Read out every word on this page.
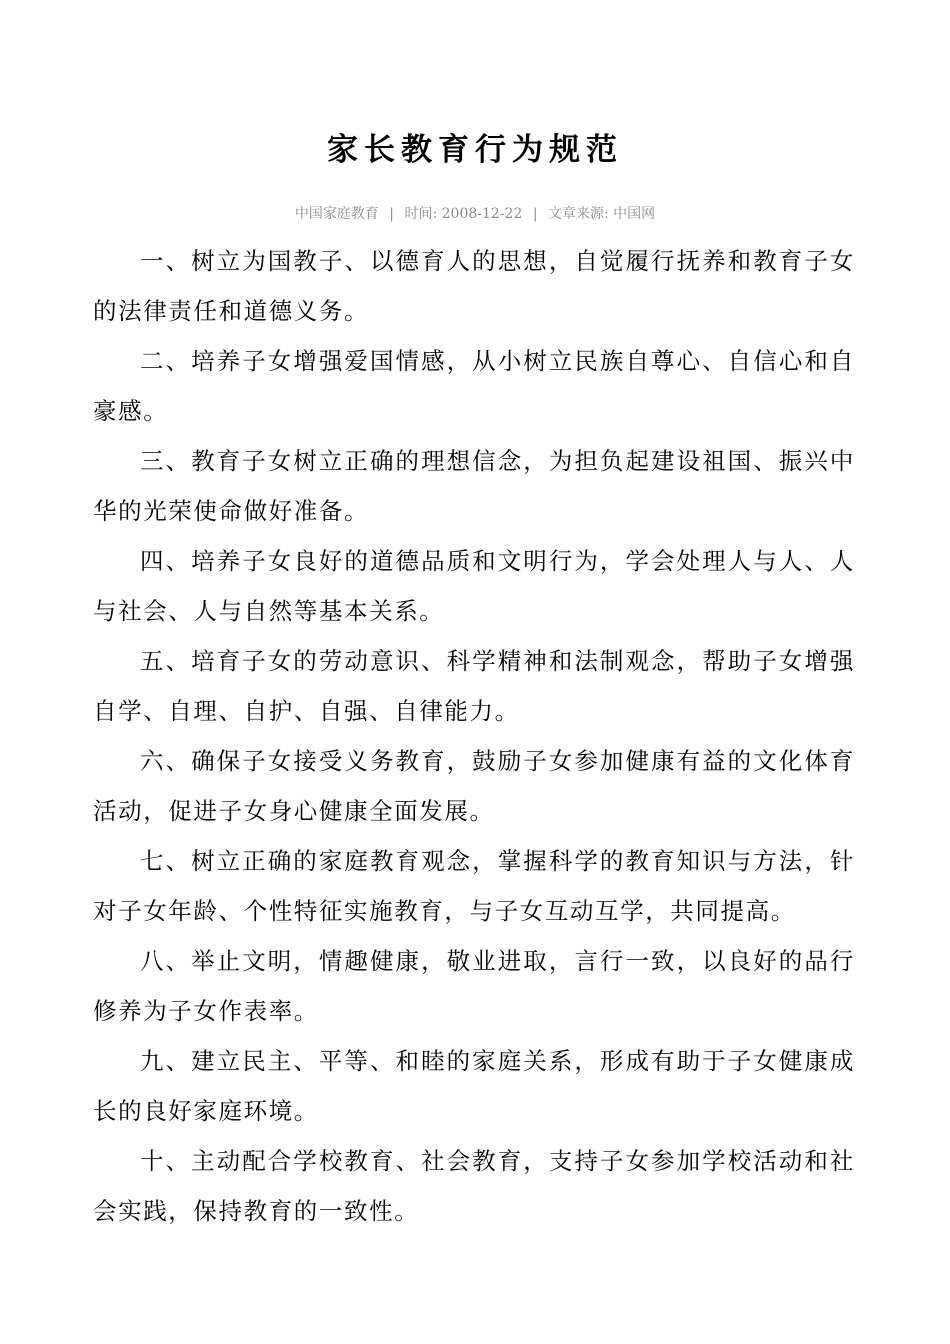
家长教育行为规范
中国家庭教育 | 时间: 2008-12-22 | 文章来源: 中国网

一、树立为国教子、以德育人的思想，自觉履行抚养和教育子女的法律责任和道德义务。

二、培养子女增强爱国情感，从小树立民族自尊心、自信心和自豪感。

三、教育子女树立正确的理想信念，为担负起建设祖国、振兴中华的光荣使命做好准备。

四、培养子女良好的道德品质和文明行为，学会处理人与人、人与社会、人与自然等基本关系。

五、培育子女的劳动意识、科学精神和法制观念，帮助子女增强自学、自理、自护、自强、自律能力。

六、确保子女接受义务教育，鼓励子女参加健康有益的文化体育活动，促进子女身心健康全面发展。

七、树立正确的家庭教育观念，掌握科学的教育知识与方法，针对子女年龄、个性特征实施教育，与子女互动互学，共同提高。

八、举止文明，情趣健康，敬业进取，言行一致，以良好的品行修养为子女作表率。

九、建立民主、平等、和睦的家庭关系，形成有助于子女健康成长的良好家庭环境。

十、主动配合学校教育、社会教育，支持子女参加学校活动和社会实践，保持教育的一致性。
